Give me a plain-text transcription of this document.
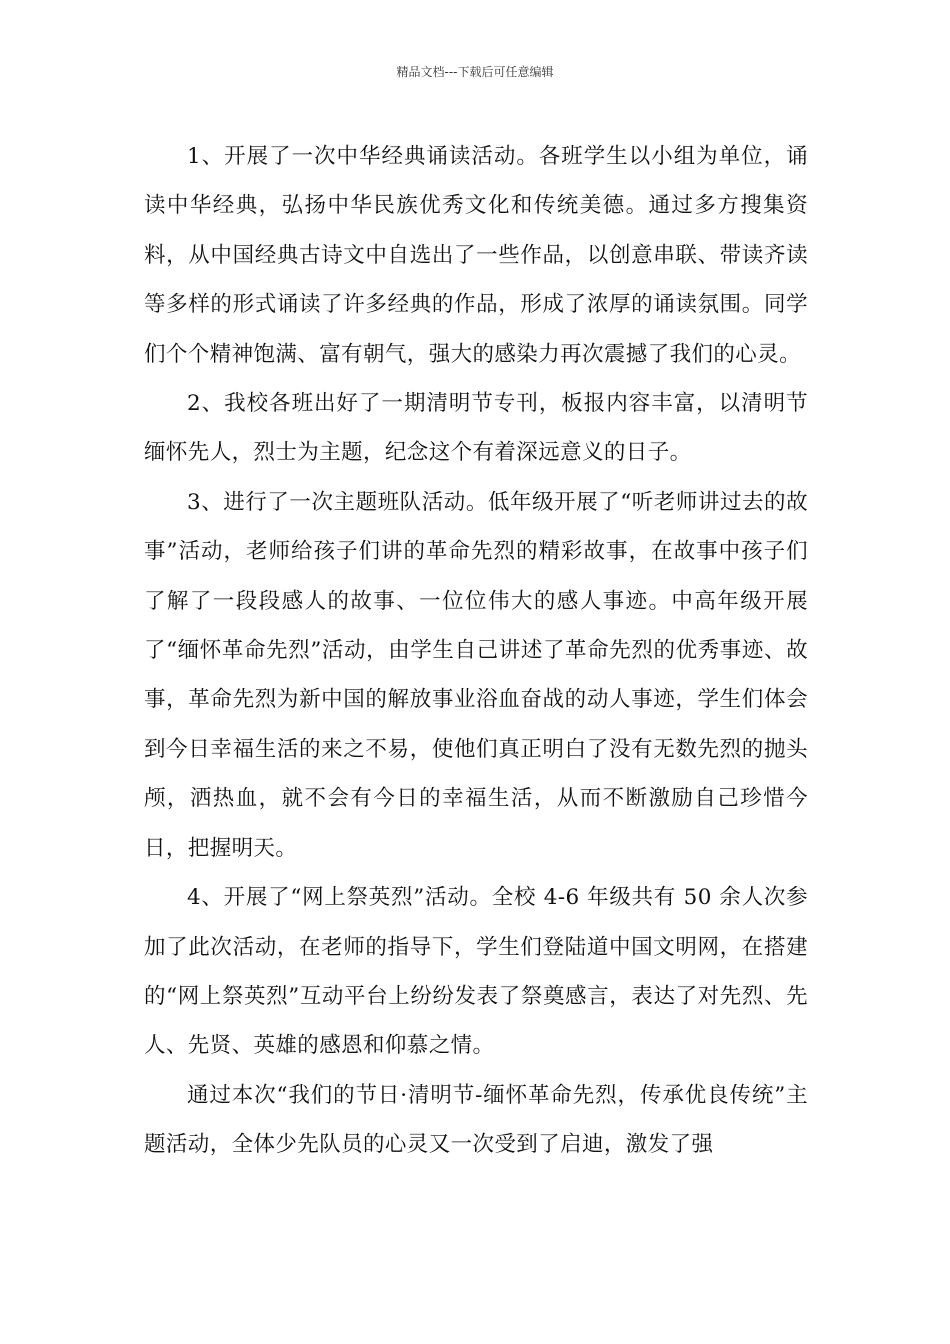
精品文档---下载后可任意编辑

1、开展了一次中华经典诵读活动。各班学生以小组为单位，诵读中华经典，弘扬中华民族优秀文化和传统美德。通过多方搜集资料，从中国经典古诗文中自选出了一些作品，以创意串联、带读齐读等多样的形式诵读了许多经典的作品，形成了浓厚的诵读氛围。同学们个个精神饱满、富有朝气，强大的感染力再次震撼了我们的心灵。

2、我校各班出好了一期清明节专刊，板报内容丰富，以清明节缅怀先人，烈士为主题，纪念这个有着深远意义的日子。

3、进行了一次主题班队活动。低年级开展了“听老师讲过去的故事”活动，老师给孩子们讲的革命先烈的精彩故事，在故事中孩子们了解了一段段感人的故事、一位位伟大的感人事迹。中高年级开展了“缅怀革命先烈”活动，由学生自己讲述了革命先烈的优秀事迹、故事，革命先烈为新中国的解放事业浴血奋战的动人事迹，学生们体会到今日幸福生活的来之不易，使他们真正明白了没有无数先烈的抛头颅，洒热血，就不会有今日的幸福生活，从而不断激励自己珍惜今日，把握明天。

4、开展了“网上祭英烈”活动。全校 4-6 年级共有 50 余人次参加了此次活动，在老师的指导下，学生们登陆道中国文明网，在搭建的“网上祭英烈”互动平台上纷纷发表了祭奠感言，表达了对先烈、先人、先贤、英雄的感恩和仰慕之情。

通过本次“我们的节日·清明节-缅怀革命先烈，传承优良传统”主题活动，全体少先队员的心灵又一次受到了启迪，激发了强
